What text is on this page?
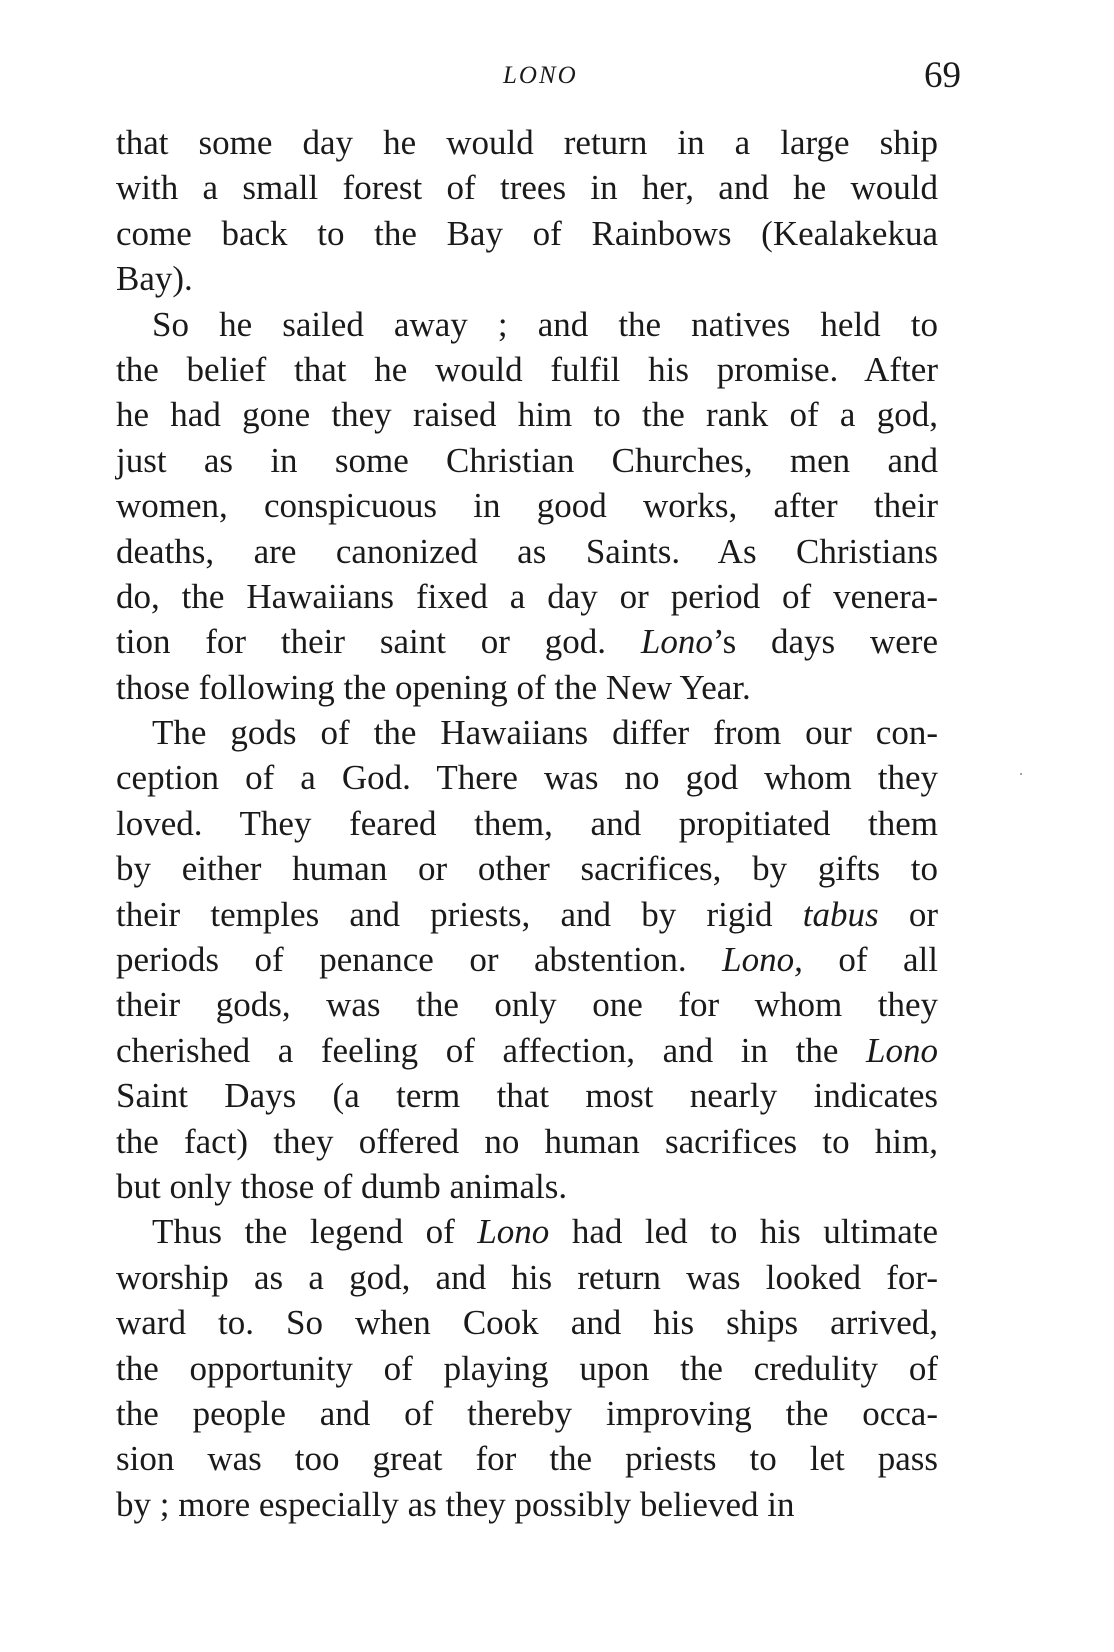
LONO	69
that some day he would return in a large ship
with a small forest of trees in her, and he would
come back to the Bay of Rainbows (Kealakekua
Bay).
So he sailed away ; and the natives held to
the belief that he would fulfil his promise. After
he had gone they raised him to the rank of a god,
just as in some Christian Churches, men and
women, conspicuous in good works, after their
deaths, are canonized as Saints. As Christians
do, the Hawaiians fixed a day or period of venera-
tion for their saint or god. Lono’s days were
those following the opening of the New Year.
The gods of the Hawaiians differ from our con-
ception of a God. There was no god whom they
loved. They feared them, and propitiated them
by either human or other sacrifices, by gifts to
their temples and priests, and by rigid tabus or
periods of penance or abstention. Lono, of all
their gods, was the only one for whom they
cherished a feeling of affection, and in the Lono
Saint Days (a term that most nearly indicates
the fact) they offered no human sacrifices to him,
but only those of dumb animals.
Thus the legend of Lono had led to his ultimate
worship as a god, and his return was looked for-
ward to. So when Cook and his ships arrived,
the opportunity of playing upon the credulity of
the people and of thereby improving the occa-
sion was too great for the priests to let pass
by ; more especially as they possibly believed in
